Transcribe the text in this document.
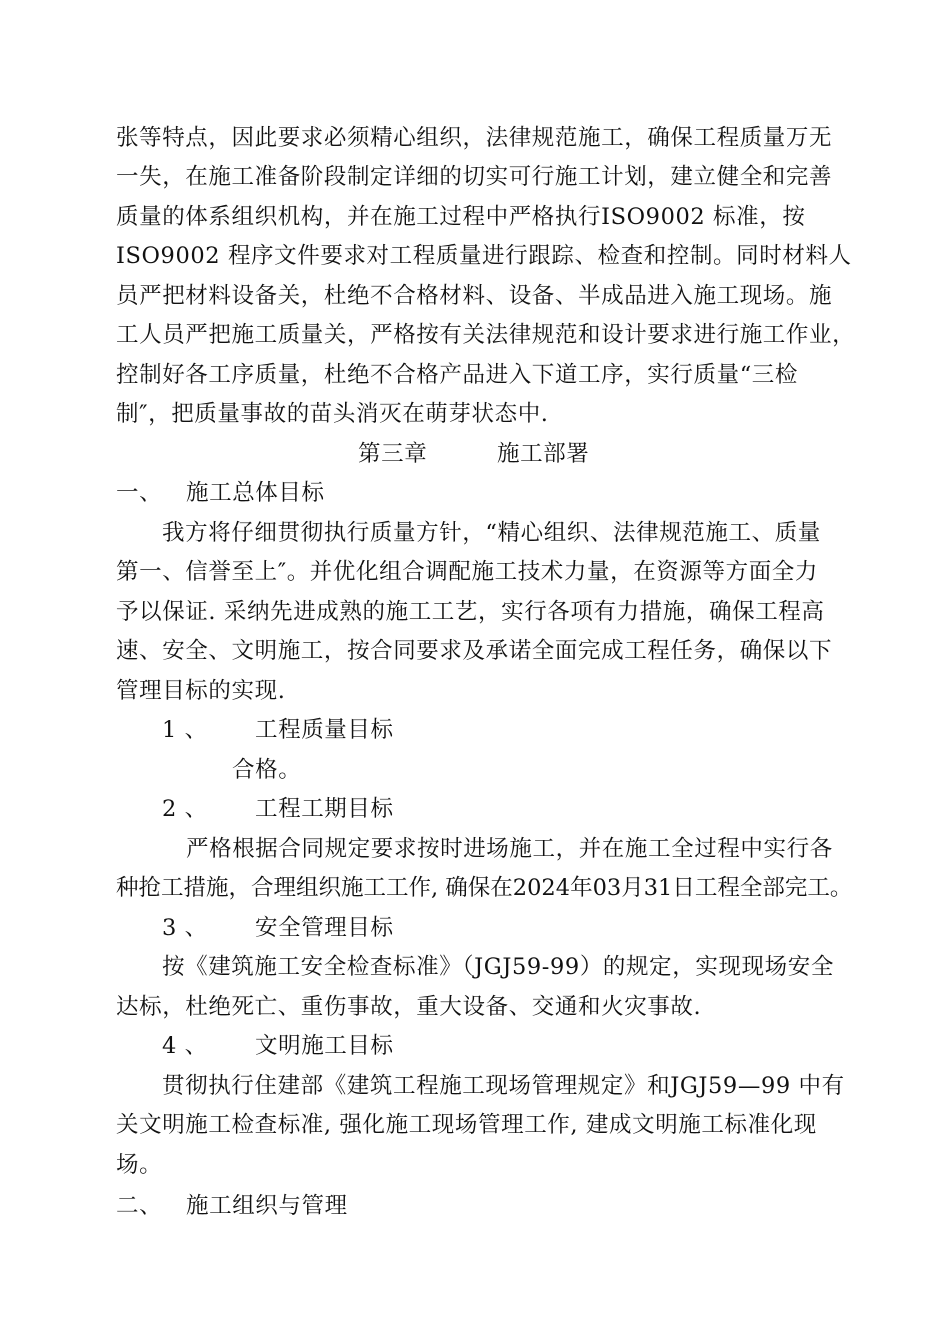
张等特点，因此要求必须精心组织，法律规范施工，确保工程质量万无
一失，在施工准备阶段制定详细的切实可行施工计划，建立健全和完善
质量的体系组织机构，并在施工过程中严格执行ISO9002 标准，按
ISO9002 程序文件要求对工程质量进行跟踪、检查和控制。同时材料人
员严把材料设备关，杜绝不合格材料、设备、半成品进入施工现场。施
工人员严把施工质量关，严格按有关法律规范和设计要求进行施工作业，
控制好各工序质量，杜绝不合格产品进入下道工序，实行质量“三检
制″，把质量事故的苗头消灭在萌芽状态中.
第三章	施工部署
一、 施工总体目标
我方将仔细贯彻执行质量方针，“精心组织、法律规范施工、质量
第一、信誉至上″。并优化组合调配施工技术力量，在资源等方面全力
予以保证. 采纳先进成熟的施工工艺，实行各项有力措施，确保工程高
速、安全、文明施工，按合同要求及承诺全面完成工程任务，确保以下
管理目标的实现.
1 、 工程质量目标
合格。
2 、 工程工期目标
严格根据合同规定要求按时进场施工，并在施工全过程中实行各
种抢工措施，合理组织施工工作, 确保在2024年03月31日工程全部完工。
3 、 安全管理目标
按《建筑施工安全检查标准》（JGJ59-99）的规定，实现现场安全
达标，杜绝死亡、重伤事故，重大设备、交通和火灾事故.
4 、 文明施工目标
贯彻执行住建部《建筑工程施工现场管理规定》和JGJ59—99 中有
关文明施工检查标准, 强化施工现场管理工作, 建成文明施工标准化现
场。
二、 施工组织与管理
